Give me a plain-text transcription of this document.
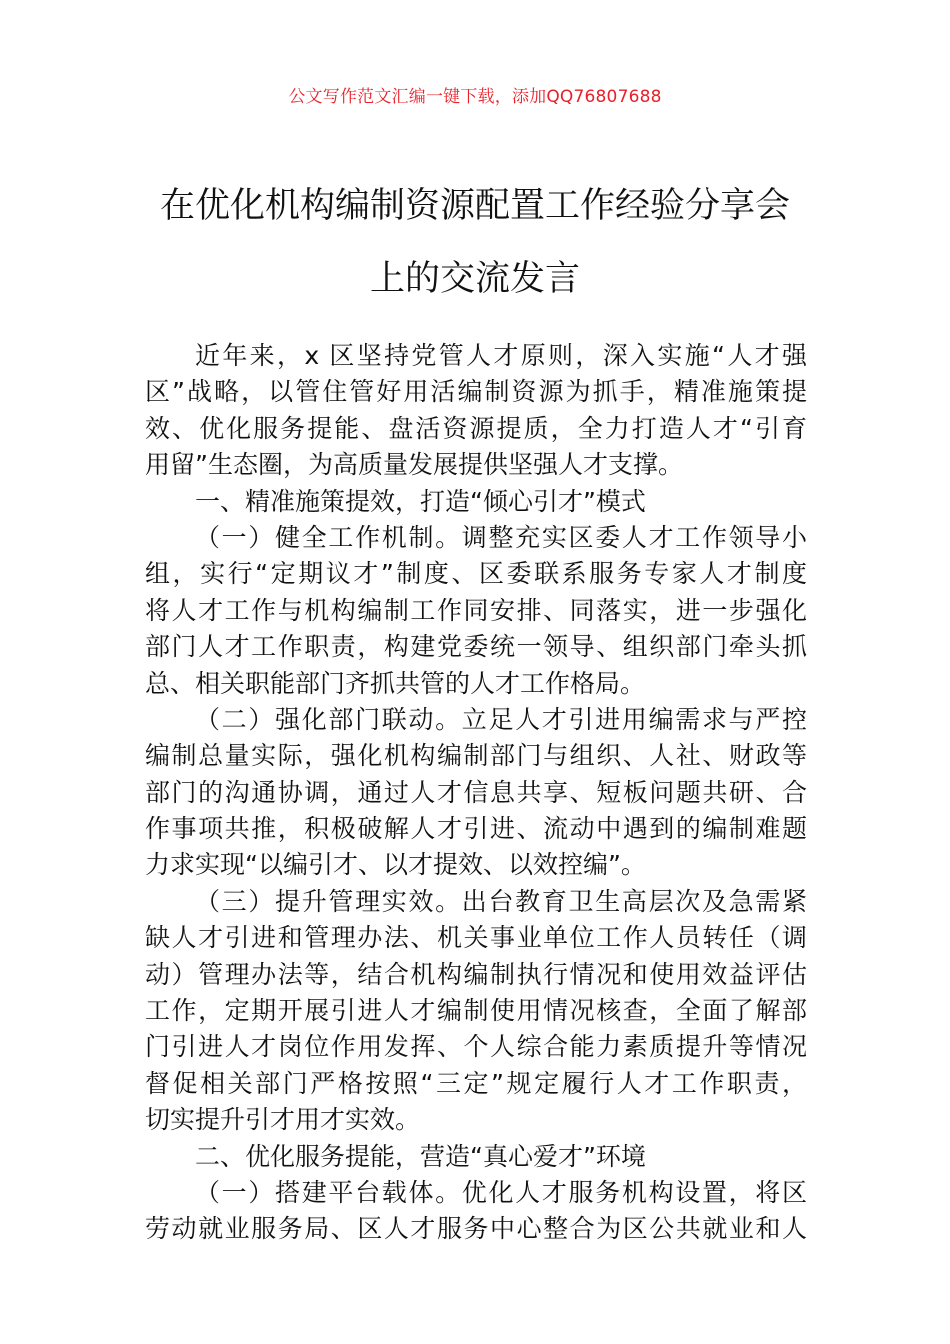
公文写作范文汇编一键下载，添加QQ76807688
在优化机构编制资源配置工作经验分享会
上的交流发言
近年来，x 区坚持党管人才原则，深入实施“人才强
区”战略，以管住管好用活编制资源为抓手，精准施策提
效、优化服务提能、盘活资源提质，全力打造人才“引育
用留”生态圈，为高质量发展提供坚强人才支撑。
一、精准施策提效，打造“倾心引才”模式
（一）健全工作机制。调整充实区委人才工作领导小
组，实行“定期议才”制度、区委联系服务专家人才制度
将人才工作与机构编制工作同安排、同落实，进一步强化
部门人才工作职责，构建党委统一领导、组织部门牵头抓
总、相关职能部门齐抓共管的人才工作格局。
（二）强化部门联动。立足人才引进用编需求与严控
编制总量实际，强化机构编制部门与组织、人社、财政等
部门的沟通协调，通过人才信息共享、短板问题共研、合
作事项共推，积极破解人才引进、流动中遇到的编制难题
力求实现“以编引才、以才提效、以效控编”。
（三）提升管理实效。出台教育卫生高层次及急需紧
缺人才引进和管理办法、机关事业单位工作人员转任（调
动）管理办法等，结合机构编制执行情况和使用效益评估
工作，定期开展引进人才编制使用情况核查，全面了解部
门引进人才岗位作用发挥、个人综合能力素质提升等情况
督促相关部门严格按照“三定”规定履行人才工作职责，
切实提升引才用才实效。
二、优化服务提能，营造“真心爱才”环境
（一）搭建平台载体。优化人才服务机构设置，将区
劳动就业服务局、区人才服务中心整合为区公共就业和人
